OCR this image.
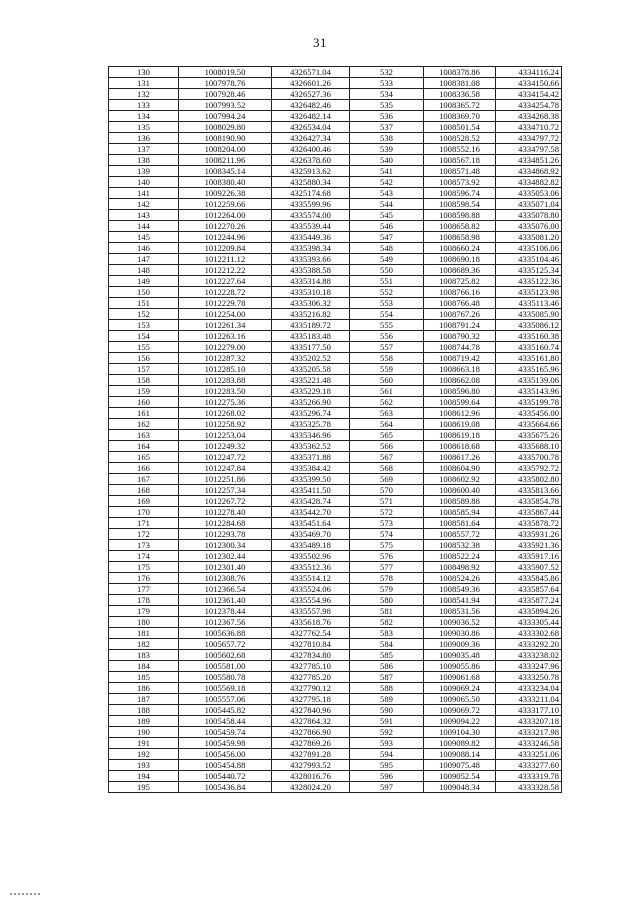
31
130	1008019.50	4326571.04	532	1008378.86	4334116.24
131	1007978.76	4326601.26	533	1008381.08	4334150.66
132	1007928.46	4326527.36	534	1008336.58	4334154.42
133	1007993.52	4326482.46	535	1008365.72	4334254.78
134	1007994.24	4326482.14	536	1008369.70	4334268.38
135	1008029.80	4326534.04	537	1008501.54	4334710.72
136	1008190.90	4326427.34	538	1008528.52	4334797.72
137	1008204.00	4326400.46	539	1008552.16	4334797.58
138	1008211.96	4326378.60	540	1008567.18	4334851.26
139	1008345.14	4325913.62	541	1008571.48	4334868.92
140	1008380.40	4325880.34	542	1008573.92	4334882.82
141	1009226.38	4325174.68	543	1008596.74	4335053.06
142	1012259.66	4335599.96	544	1008598.54	4335071.04
143	1012264.00	4335574.00	545	1008598.88	4335078.80
144	1012270.26	4335539.44	546	1008658.82	4335076.00
145	1012244.96	4335449.36	547	1008658.98	4335081.20
146	1012209.84	4335398.34	548	1008660.24	4335106.06
147	1012211.12	4335393.66	549	1008690.18	4335104.46
148	1012212.22	4335388.58	550	1008689.36	4335125.34
149	1012227.64	4335314.88	551	1008725.82	4335122.36
150	1012228.72	4335310.18	552	1008766.16	4335123.98
151	1012229.78	4335306.32	553	1008766.48	4335113.46
152	1012254.00	4335216.82	554	1008767.26	4335085.90
153	1012261.34	4335189.72	555	1008791.24	4335086.12
154	1012263.16	4335183.48	556	1008790.32	4335160.38
155	1012279.00	4335177.50	557	1008744.78	4335160.74
156	1012287.32	4335202.52	558	1008719.42	4335161.80
157	1012285.10	4335205.58	559	1008663.18	4335165.96
158	1012283.88	4335221.48	560	1008662.08	4335139.06
159	1012283.50	4335229.18	561	1008596.80	4335143.96
160	1012275.36	4335266.90	562	1008599.64	4335199.78
161	1012268.02	4335296.74	563	1008612.96	4335456.00
162	1012258.92	4335325.78	564	1008619.08	4335664.66
163	1012253.04	4335346.96	565	1008619.18	4335675.26
164	1012249.32	4335362.52	566	1008618.68	4335688.10
165	1012247.72	4335371.88	567	1008617.26	4335700.78
166	1012247.84	4335384.42	568	1008604.90	4335792.72
167	1012251.86	4335399.50	569	1008602.92	4335802.80
168	1012257.34	4335411.50	570	1008600.40	4335813.66
169	1012267.72	4335428.74	571	1008589.88	4335854.78
170	1012278.40	4335442.70	572	1008585.94	4335867.44
171	1012284.68	4335451.64	573	1008581.64	4335878.72
172	1012293.78	4335469.70	574	1008557.72	4335931.26
173	1012300.34	4335489.18	575	1008532.38	4335921.36
174	1012302.44	4335502.96	576	1008522.24	4335917.16
175	1012301.40	4335512.36	577	1008498.92	4335907.52
176	1012308.76	4335514.12	578	1008524.26	4335845.86
177	1012366.54	4335524.06	579	1008549.36	4335857.64
178	1012361.40	4335554.96	580	1008541.94	4335877.24
179	1012378.44	4335557.98	581	1008531.56	4335894.26
180	1012367.56	4335618.76	582	1009036.52	4333305.44
181	1005636.88	4327762.54	583	1009030.86	4333302.68
182	1005657.72	4327810.84	584	1009009.36	4333292.20
183	1005602.68	4327834.80	585	1009035.48	4333238.02
184	1005581.00	4327785.10	586	1009055.86	4333247.96
185	1005580.78	4327785.20	587	1009061.68	4333250.78
186	1005569.18	4327790.12	588	1009069.24	4333234.04
187	1005557.06	4327795.18	589	1009065.50	4333211.04
188	1005445.82	4327840.96	590	1009069.72	4333177.10
189	1005458.44	4327864.32	591	1009094.22	4333207.18
190	1005459.74	4327866.90	592	1009104.30	4333217.98
191	1005459.98	4327869.26	593	1009089.82	4333246.58
192	1005456.00	4327891.28	594	1009088.14	4333251.06
193	1005454.88	4327993.52	595	1009075.48	4333277.60
194	1005440.72	4328016.76	596	1009052.54	4333319.78
195	1005436.84	4328024.20	597	1009048.34	4333328.58
